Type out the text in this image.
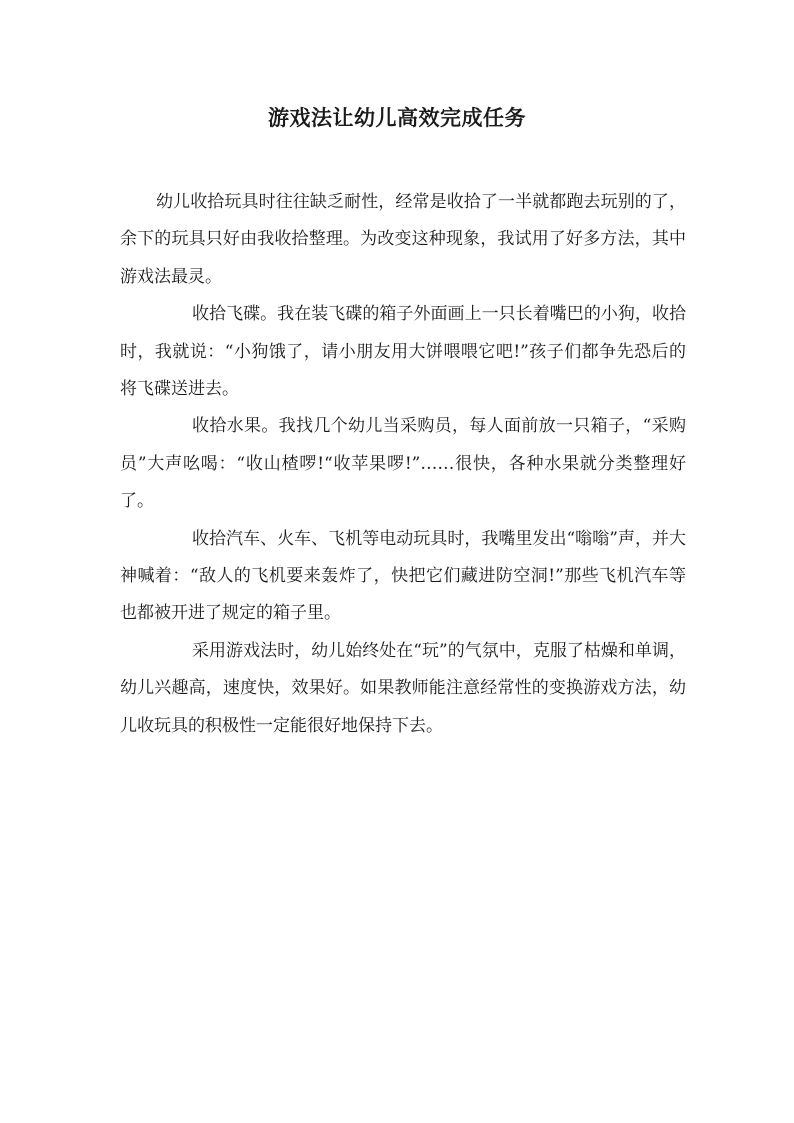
游戏法让幼儿高效完成任务

幼儿收拾玩具时往往缺乏耐性，经常是收拾了一半就都跑去玩别的了，余下的玩具只好由我收拾整理。为改变这种现象，我试用了好多方法，其中游戏法最灵。

收拾飞碟。我在装飞碟的箱子外面画上一只长着嘴巴的小狗，收拾时，我就说：“小狗饿了，请小朋友用大饼喂喂它吧!”孩子们都争先恐后的将飞碟送进去。

收拾水果。我找几个幼儿当采购员，每人面前放一只箱子，“采购员”大声吆喝：“收山楂啰!“收苹果啰!”……很快，各种水果就分类整理好了。

收拾汽车、火车、飞机等电动玩具时，我嘴里发出“嗡嗡”声，并大神喊着：“敌人的飞机要来轰炸了，快把它们藏进防空洞!”那些飞机汽车等也都被开进了规定的箱子里。

采用游戏法时，幼儿始终处在“玩”的气氛中，克服了枯燥和单调，幼儿兴趣高，速度快，效果好。如果教师能注意经常性的变换游戏方法，幼儿收玩具的积极性一定能很好地保持下去。
